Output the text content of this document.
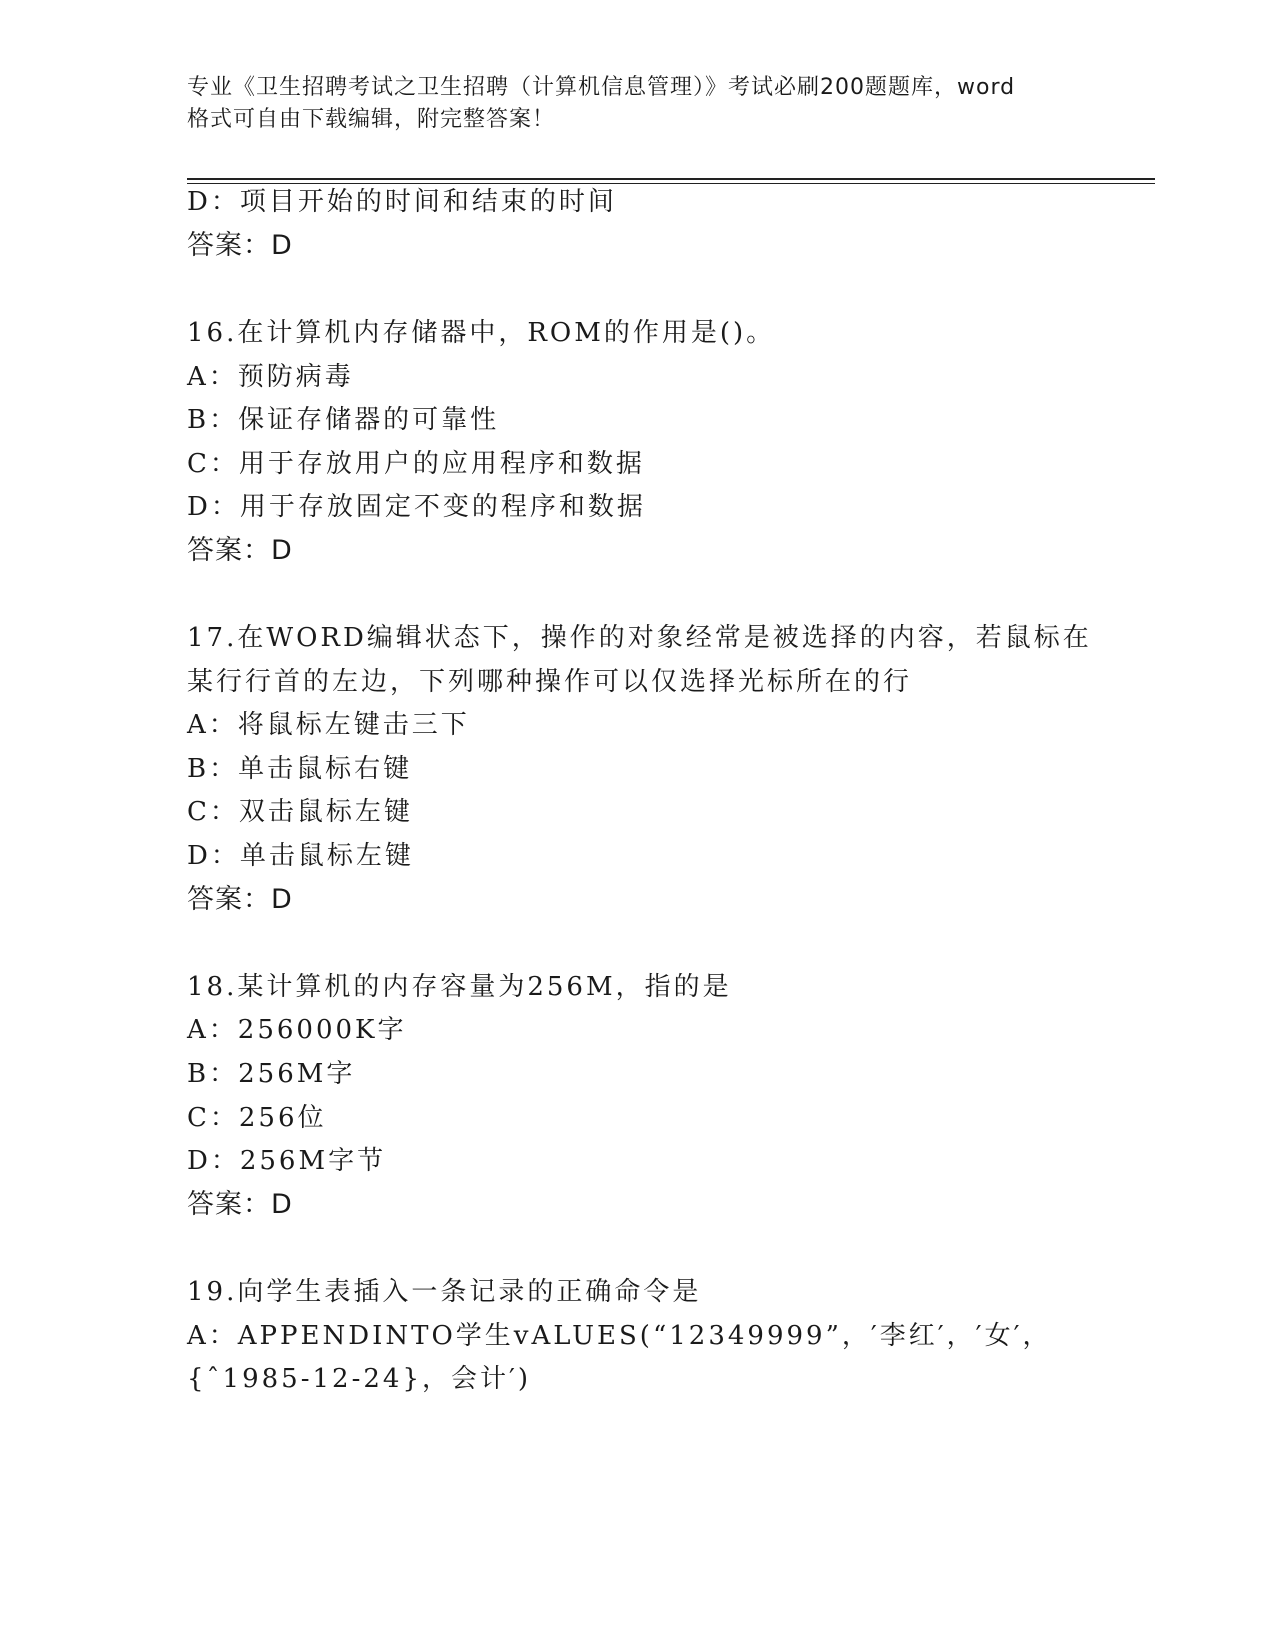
专业《卫生招聘考试之卫生招聘（计算机信息管理）》考试必刷200题题库，word
格式可自由下载编辑，附完整答案！
D：项目开始的时间和结束的时间
答案：D
16.在计算机内存储器中，ROM的作用是()。
A：预防病毒
B：保证存储器的可靠性
C：用于存放用户的应用程序和数据
D：用于存放固定不变的程序和数据
答案：D
17.在WORD编辑状态下，操作的对象经常是被选择的内容，若鼠标在
某行行首的左边，下列哪种操作可以仅选择光标所在的行
A：将鼠标左键击三下
B：单击鼠标右键
C：双击鼠标左键
D：单击鼠标左键
答案：D
18.某计算机的内存容量为256M，指的是
A：256000K字
B：256M字
C：256位
D：256M字节
答案：D
19.向学生表插入一条记录的正确命令是
A：APPENDINTO学生vALUES(“12349999”，′李红′，′女′，
{ˆ1985-12-24}，会计′)
